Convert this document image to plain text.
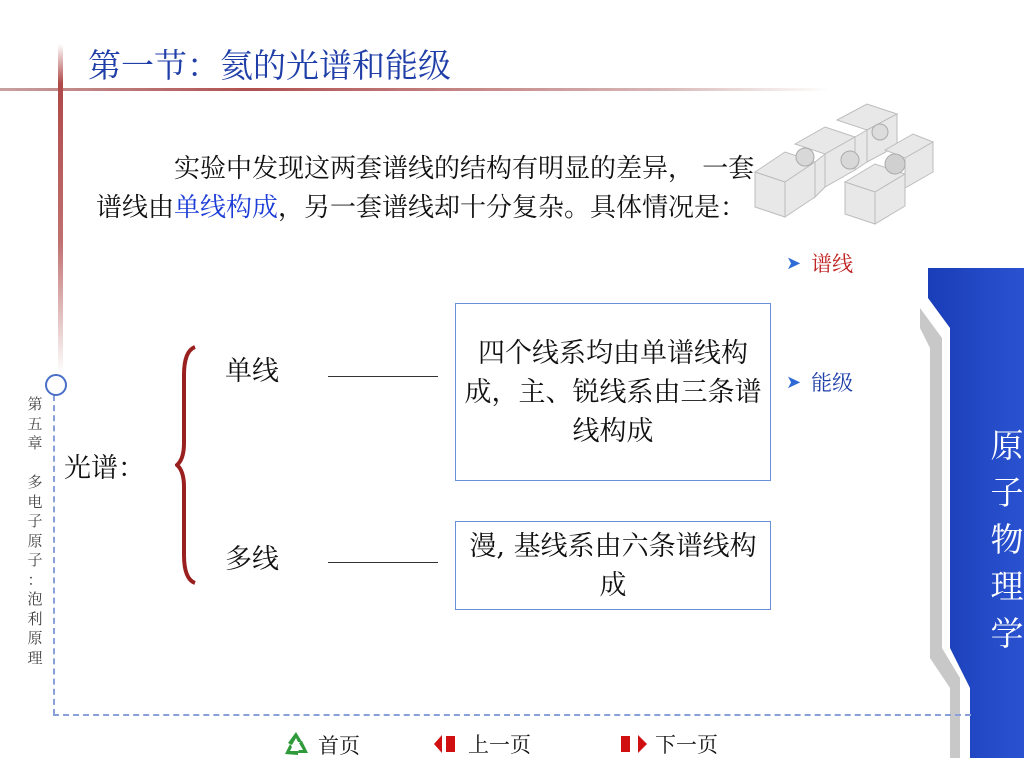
第一节：氦的光谱和能级
实验中发现这两套谱线的结构有明显的差异， 一套谱线由单线构成，另一套谱线却十分复杂。具体情况是：
➤ 谱线
➤ 能级
原
子
物
理
学
第
五
章
多
电
子
原
子
：
泡
利
原
理
光谱：
单线
多线
四个线系均由单谱线构成，主、锐线系由三条谱线构成
漫, 基线系由六条谱线构成
首页	上一页	下一页
